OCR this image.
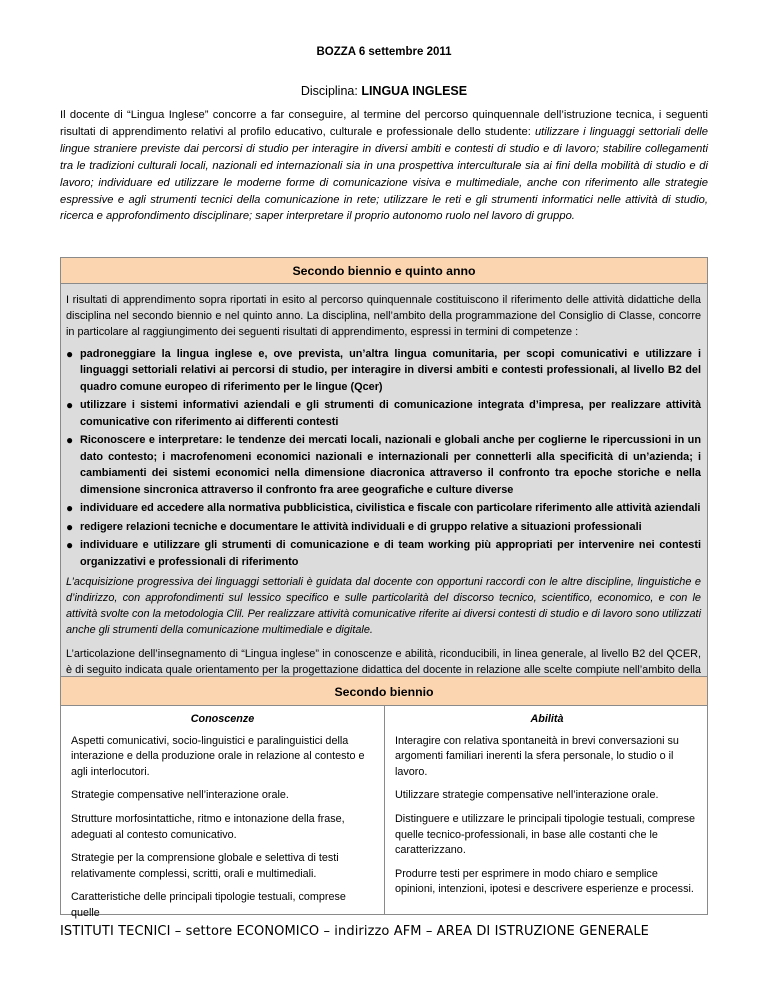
BOZZA 6 settembre 2011
Disciplina: LINGUA INGLESE
Il docente di “Lingua Inglese” concorre a far conseguire, al termine del percorso quinquennale dell’istruzione tecnica, i seguenti risultati di apprendimento relativi al profilo educativo, culturale e professionale dello studente: utilizzare i linguaggi settoriali delle lingue straniere previste dai percorsi di studio per interagire in diversi ambiti e contesti di studio e di lavoro; stabilire collegamenti tra le tradizioni culturali locali, nazionali ed internazionali sia in una prospettiva interculturale sia ai fini della mobilità di studio e di lavoro; individuare ed utilizzare le moderne forme di comunicazione visiva e multimediale, anche con riferimento alle strategie espressive e agli strumenti tecnici della comunicazione in rete; utilizzare le reti e gli strumenti informatici nelle attività di studio, ricerca e approfondimento disciplinare; saper interpretare il proprio autonomo ruolo nel lavoro di gruppo.
Secondo biennio e quinto anno

I risultati di apprendimento sopra riportati in esito al percorso quinquennale costituiscono il riferimento delle attività didattiche della disciplina nel secondo biennio e nel quinto anno. La disciplina, nell’ambito della programmazione del Consiglio di Classe, concorre in particolare al raggiungimento dei seguenti risultati di apprendimento, espressi in termini di competenze :

● padroneggiare la lingua inglese e, ove prevista, un’altra lingua comunitaria, per scopi comunicativi e utilizzare i linguaggi settoriali relativi ai percorsi di studio, per interagire in diversi ambiti e contesti professionali, al livello B2 del quadro comune europeo di riferimento per le lingue (Qcer)
● utilizzare i sistemi informativi aziendali e gli strumenti di comunicazione integrata d’impresa, per realizzare attività comunicative con riferimento ai differenti contesti
● Riconoscere e interpretare: le tendenze dei mercati locali, nazionali e globali anche per coglierne le ripercussioni in un dato contesto; i macrofenomeni economici nazionali e internazionali per connetterli alla specificità di un’azienda; i cambiamenti dei sistemi economici nella dimensione diacronica attraverso il confronto tra epoche storiche e nella dimensione sincronica attraverso il confronto fra aree geografiche e culture diverse
● individuare ed accedere alla normativa pubblicistica, civilistica e fiscale con particolare riferimento alle attività aziendali
● redigere relazioni tecniche e documentare le attività individuali e di gruppo relative a situazioni professionali
● individuare e utilizzare gli strumenti di comunicazione e di team working più appropriati per intervenire nei contesti organizzativi e professionali di riferimento

L’acquisizione progressiva dei linguaggi settoriali è guidata dal docente con opportuni raccordi con le altre discipline, linguistiche e d’indirizzo, con approfondimenti sul lessico specifico e sulle particolarità del discorso tecnico, scientifico, economico, e con le attività svolte con la metodologia Clil. Per realizzare attività comunicative riferite ai diversi contesti di studio e di lavoro sono utilizzati anche gli strumenti della comunicazione multimediale e digitale.

L’articolazione dell’insegnamento di “Lingua inglese” in conoscenze e abilità, riconducibili, in linea generale, al livello B2 del QCER, è di seguito indicata quale orientamento per la progettazione didattica del docente in relazione alle scelte compiute nell’ambito della

Secondo biennio
Conoscenze
Aspetti comunicativi, socio-linguistici e paralinguistici della interazione e della produzione orale in relazione al contesto e agli interlocutori.
Strategie compensative nell’interazione orale.
Strutture morfosintattiche, ritmo e intonazione della frase, adeguati al contesto comunicativo.
Strategie per la comprensione globale e selettiva di testi relativamente complessi, scritti, orali e multimediali.
Caratteristiche delle principali tipologie testuali, comprese quelle
Abilità
Interagire con relativa spontaneità in brevi conversazioni su argomenti familiari inerenti la sfera personale, lo studio o il lavoro.
Utilizzare strategie compensative nell’interazione orale.
Distinguere e utilizzare le principali tipologie testuali, comprese quelle tecnico-professionali, in base alle costanti che le caratterizzano.
Produrre testi per esprimere in modo chiaro e semplice opinioni, intenzioni, ipotesi e descrivere esperienze e processi.
ISTITUTI TECNICI – settore ECONOMICO – indirizzo AFM – AREA DI ISTRUZIONE GENERALE
